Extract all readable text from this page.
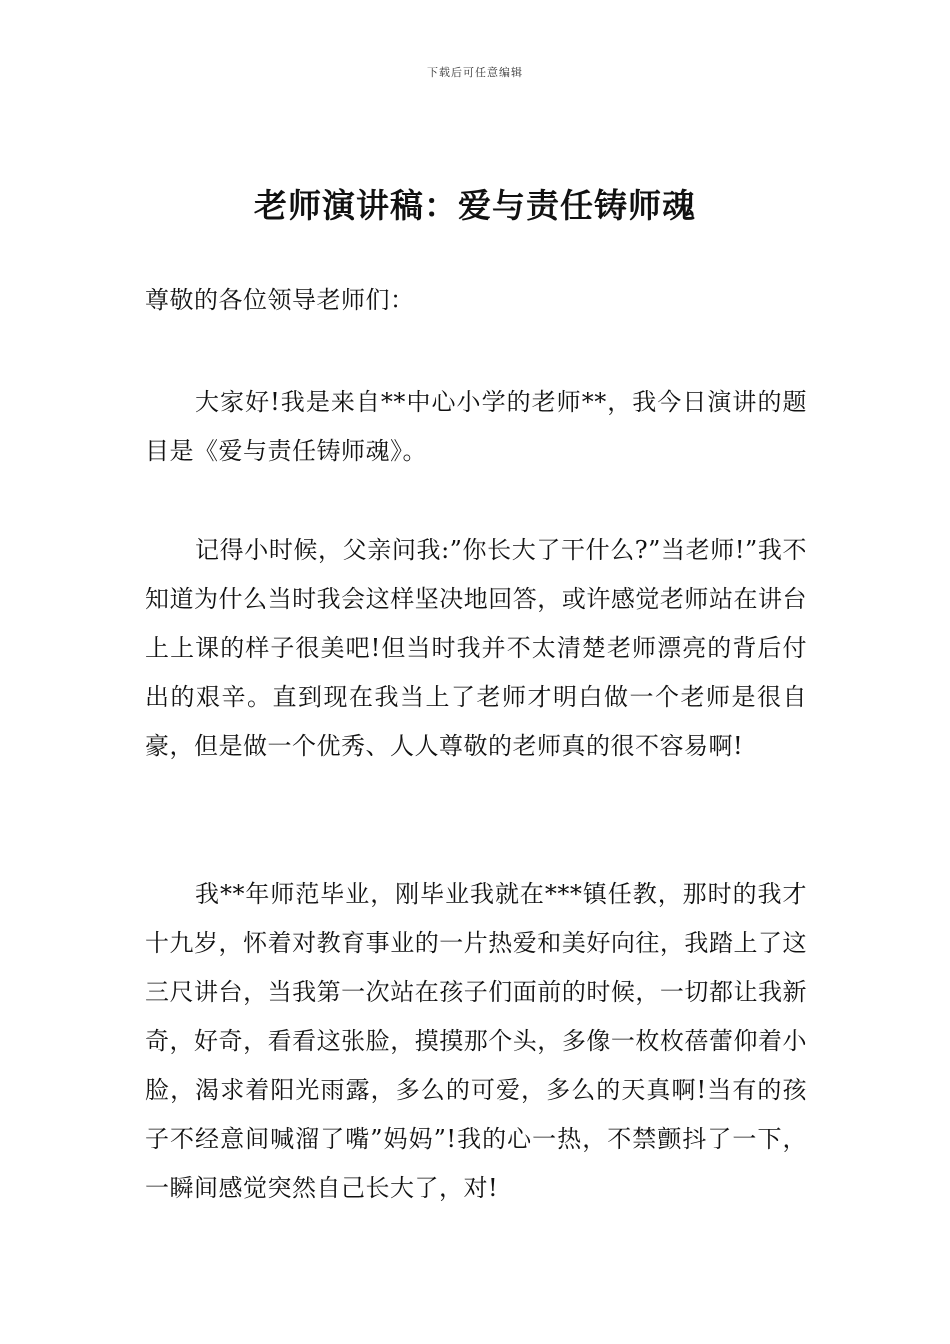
下载后可任意编辑
老师演讲稿：爱与责任铸师魂
尊敬的各位领导老师们：
大家好!我是来自**中心小学的老师**，我今日演讲的题目是《爱与责任铸师魂》。
记得小时候，父亲问我:”你长大了干什么?”当老师!”我不知道为什么当时我会这样坚决地回答，或许感觉老师站在讲台上上课的样子很美吧!但当时我并不太清楚老师漂亮的背后付出的艰辛。直到现在我当上了老师才明白做一个老师是很自豪，但是做一个优秀、人人尊敬的老师真的很不容易啊!
我**年师范毕业，刚毕业我就在***镇任教，那时的我才十九岁，怀着对教育事业的一片热爱和美好向往，我踏上了这三尺讲台，当我第一次站在孩子们面前的时候，一切都让我新奇，好奇，看看这张脸，摸摸那个头，多像一枚枚蓓蕾仰着小脸，渴求着阳光雨露，多么的可爱，多么的天真啊!当有的孩子不经意间喊溜了嘴”妈妈”!我的心一热，不禁颤抖了一下，一瞬间感觉突然自己长大了，对!
